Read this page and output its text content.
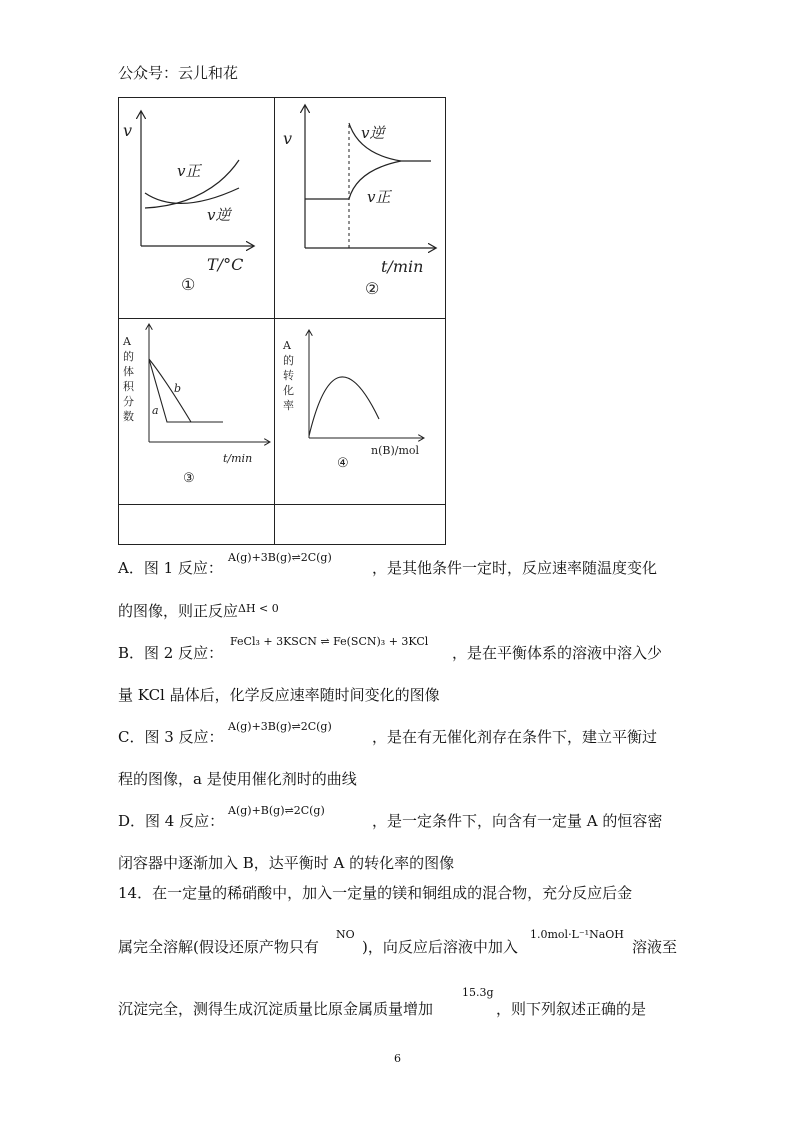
公众号：云儿和花
v
v正
v逆
T/°C
①
v	v逆
v正
t/min
②
A
的
体
积
分
数
b
a
t/min
③
A
的
转
化
率
n(B)/mol
④
A．图 1 反应：
A(g)+3B(g)⇌2C(g)
，是其他条件一定时，反应速率随温度变化
的图像，则正反应 ΔH < 0
B．图 2 反应：
FeCl₃ + 3KSCN ⇌ Fe(SCN)₃ + 3KCl
，是在平衡体系的溶液中溶入少
量 KCl 晶体后，化学反应速率随时间变化的图像
C．图 3 反应：
A(g)+3B(g)⇌2C(g)
，是在有无催化剂存在条件下，建立平衡过
程的图像，a 是使用催化剂时的曲线
D．图 4 反应：
A(g)+B(g)⇌2C(g)
，是一定条件下，向含有一定量 A 的恒容密
闭容器中逐渐加入 B，达平衡时 A 的转化率的图像
14．在一定量的稀硝酸中，加入一定量的镁和铜组成的混合物，充分反应后金
属完全溶解(假设还原产物只有
NO
)，向反应后溶液中加入
1.0mol·L⁻¹NaOH
溶液至
沉淀完全，测得生成沉淀质量比原金属质量增加
15.3g
，则下列叙述正确的是
6
